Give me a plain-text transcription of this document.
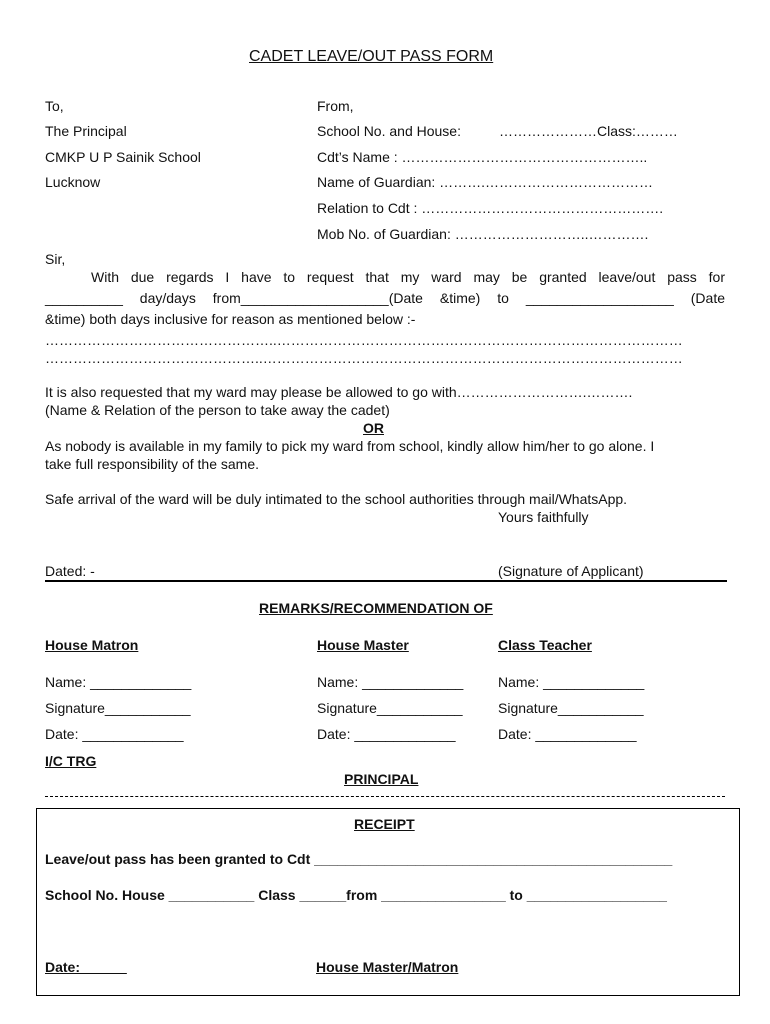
CADET LEAVE/OUT PASS FORM
To,
The Principal
CMKP U P Sainik School
Lucknow
From,
School No. and House:	…………………Class:………
Cdt’s Name : ……………………………………………..
Name of Guardian: ……….………………………………
Relation to Cdt : …………………………………………….
Mob No. of Guardian: ………………………..………….
Sir,
With due regards I have to request that my ward may be granted leave/out pass for
__________ day/days from___________________(Date &time) to ___________________ (Date
&time) both days inclusive for reason as mentioned below :-
…………………………………………..……………………………………………………………………………
………………………………………..………………………………………………………………………………
It is also requested that my ward may please be allowed to go with……………………….……….
(Name & Relation of the person to take away the cadet)
OR
As nobody is available in my family to pick my ward from school, kindly allow him/her to go alone. I
take full responsibility of the same.
Safe arrival of the ward will be duly intimated to the school authorities through mail/WhatsApp.
Yours faithfully
Dated: -	(Signature of Applicant)
REMARKS/RECOMMENDATION OF
House Matron	House Master	Class Teacher
Name: _____________	Name: _____________ Name: _____________
Signature___________	Signature___________	Signature___________
Date: _____________	Date: _____________	Date: _____________
I/C TRG
PRINCIPAL
RECEIPT
Leave/out pass has been granted to Cdt ______________________________________________
School No. House ___________ Class ______from ________________ to __________________
Date:______	House Master/Matron
